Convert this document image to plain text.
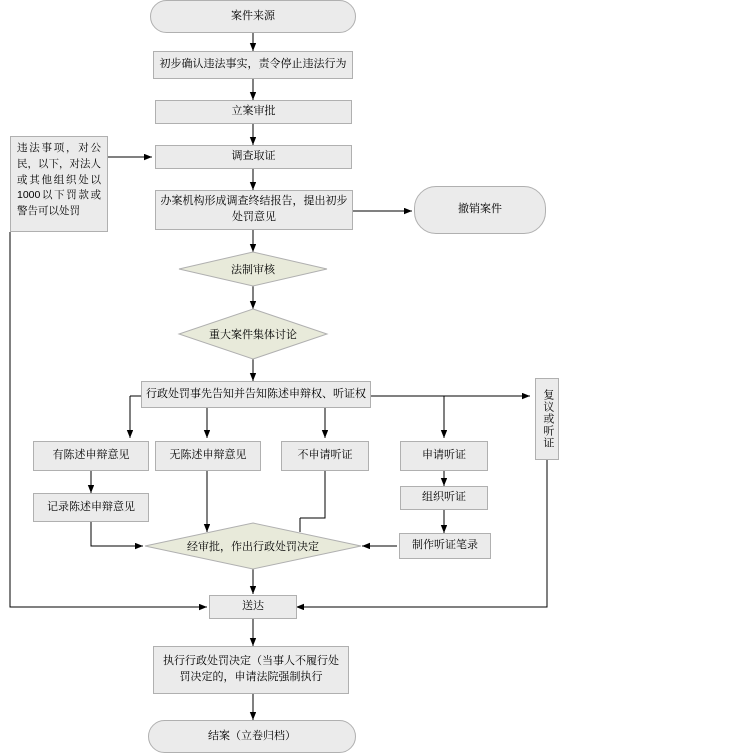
案件来源
初步确认违法事实，责令停止违法行为
立案审批
调查取证
违法事项，对公民，以下，对法人或其他组织处以1000以下罚款或警告可以处罚
办案机构形成调查终结报告，提出初步处罚意见
撤销案件
法制审核
重大案件集体讨论
行政处罚事先告知并告知陈述申辩权、听证权	复议或听证
有陈述申辩意见	无陈述申辩意见	不申请听证	申请听证
记录陈述申辩意见
组织听证
经审批，作出行政处罚决定	制作听证笔录
送达
执行行政处罚决定（当事人不履行处罚决定的，申请法院强制执行
结案（立卷归档）
